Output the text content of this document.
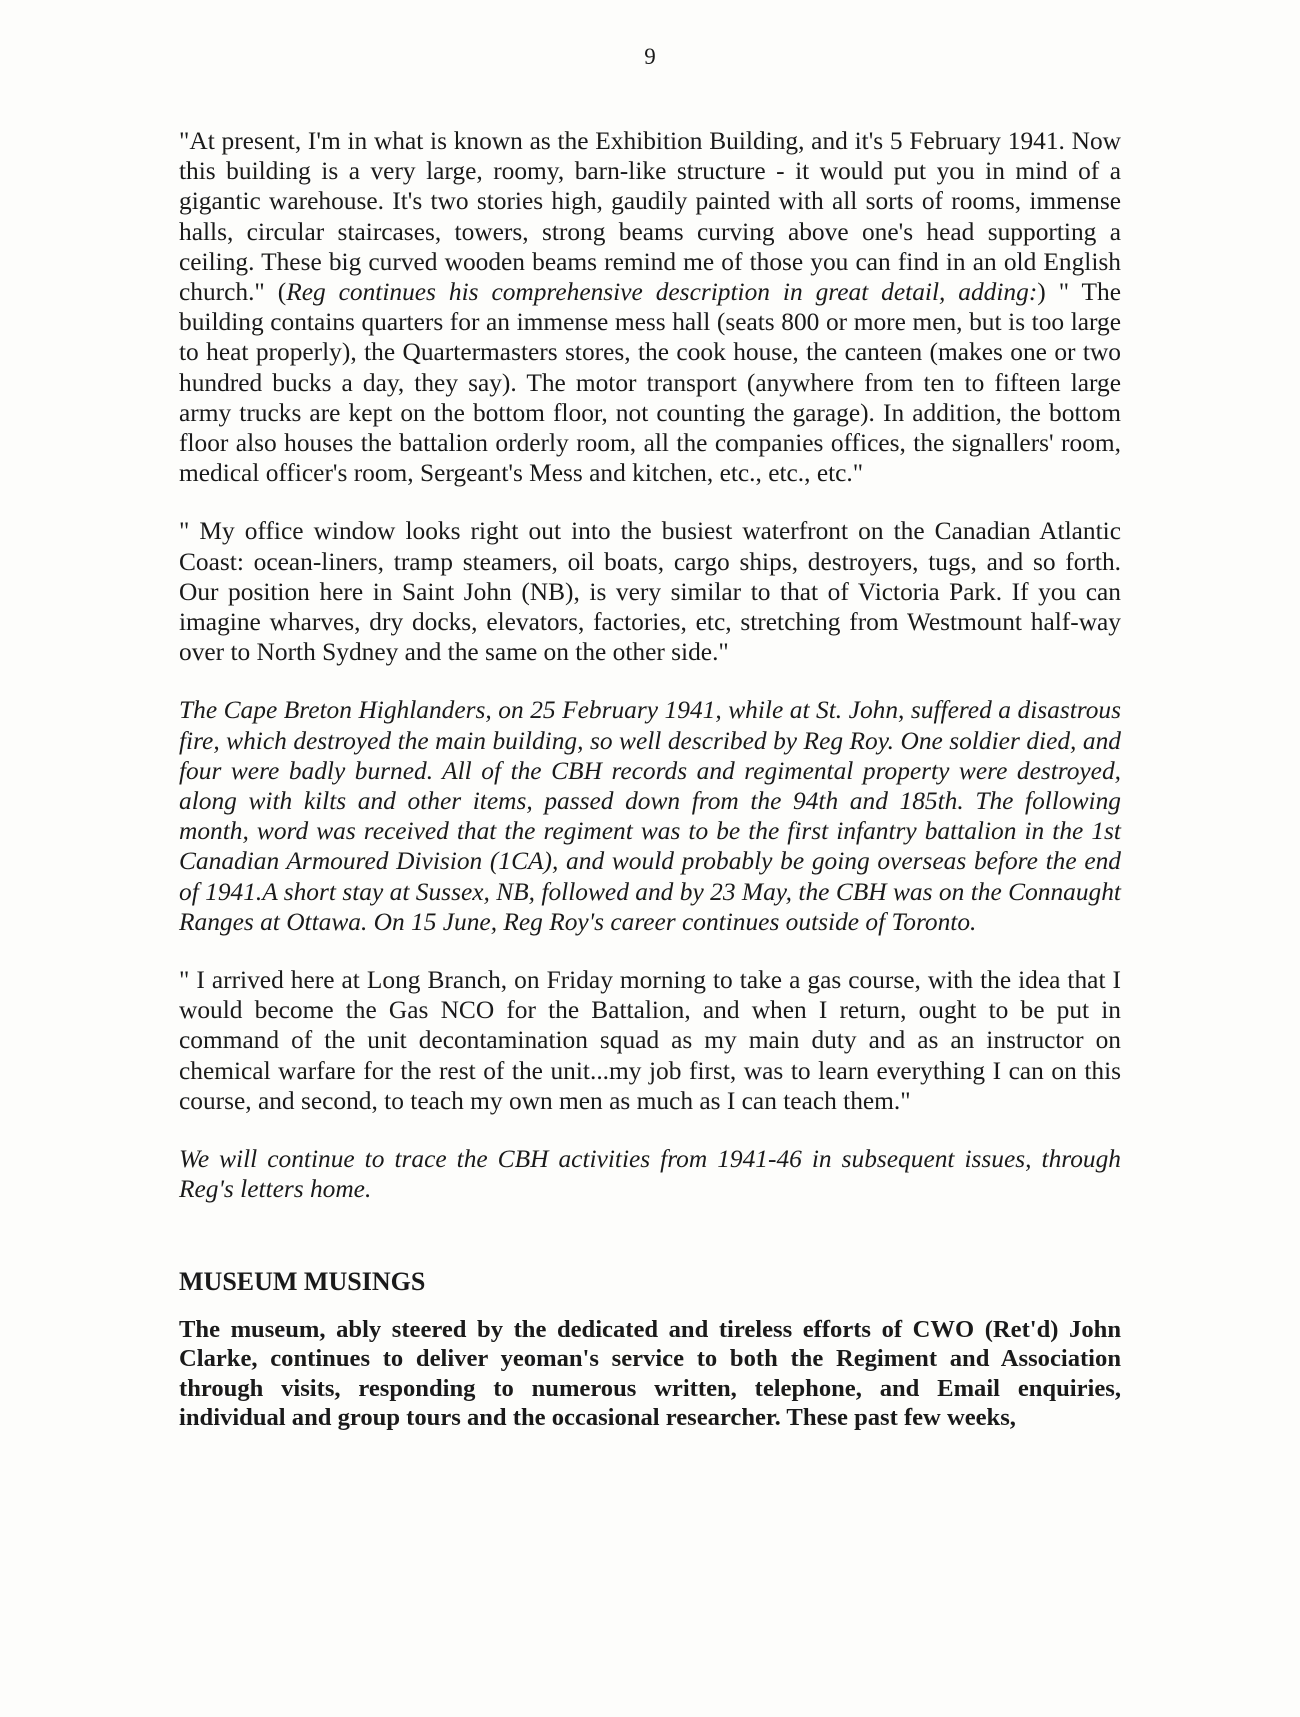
9

"At present, I'm in what is known as the Exhibition Building, and it's 5 February 1941. Now this building is a very large, roomy, barn-like structure - it would put you in mind of a gigantic warehouse. It's two stories high, gaudily painted with all sorts of rooms, immense halls, circular staircases, towers, strong beams curving above one's head supporting a ceiling. These big curved wooden beams remind me of those you can find in an old English church." (Reg continues his comprehensive description in great detail, adding:) " The building contains quarters for an immense mess hall (seats 800 or more men, but is too large to heat properly), the Quartermasters stores, the cook house, the canteen (makes one or two hundred bucks a day, they say). The motor transport (anywhere from ten to fifteen large army trucks are kept on the bottom floor, not counting the garage). In addition, the bottom floor also houses the battalion orderly room, all the companies offices, the signallers' room, medical officer's room, Sergeant's Mess and kitchen, etc., etc., etc."

" My office window looks right out into the busiest waterfront on the Canadian Atlantic Coast: ocean-liners, tramp steamers, oil boats, cargo ships, destroyers, tugs, and so forth. Our position here in Saint John (NB), is very similar to that of Victoria Park. If you can imagine wharves, dry docks, elevators, factories, etc, stretching from Westmount half-way over to North Sydney and the same on the other side."

The Cape Breton Highlanders, on 25 February 1941, while at St. John, suffered a disastrous fire, which destroyed the main building, so well described by Reg Roy. One soldier died, and four were badly burned. All of the CBH records and regimental property were destroyed, along with kilts and other items, passed down from the 94th and 185th. The following month, word was received that the regiment was to be the first infantry battalion in the 1st Canadian Armoured Division (1CA), and would probably be going overseas before the end of 1941.A short stay at Sussex, NB, followed and by 23 May, the CBH was on the Connaught Ranges at Ottawa. On 15 June, Reg Roy's career continues outside of Toronto.

" I arrived here at Long Branch, on Friday morning to take a gas course, with the idea that I would become the Gas NCO for the Battalion, and when I return, ought to be put in command of the unit decontamination squad as my main duty and as an instructor on chemical warfare for the rest of the unit...my job first, was to learn everything I can on this course, and second, to teach my own men as much as I can teach them."

We will continue to trace the CBH activities from 1941-46 in subsequent issues, through Reg's letters home.

MUSEUM MUSINGS

The museum, ably steered by the dedicated and tireless efforts of CWO (Ret'd) John Clarke, continues to deliver yeoman's service to both the Regiment and Association through visits, responding to numerous written, telephone, and Email enquiries, individual and group tours and the occasional researcher. These past few weeks,
